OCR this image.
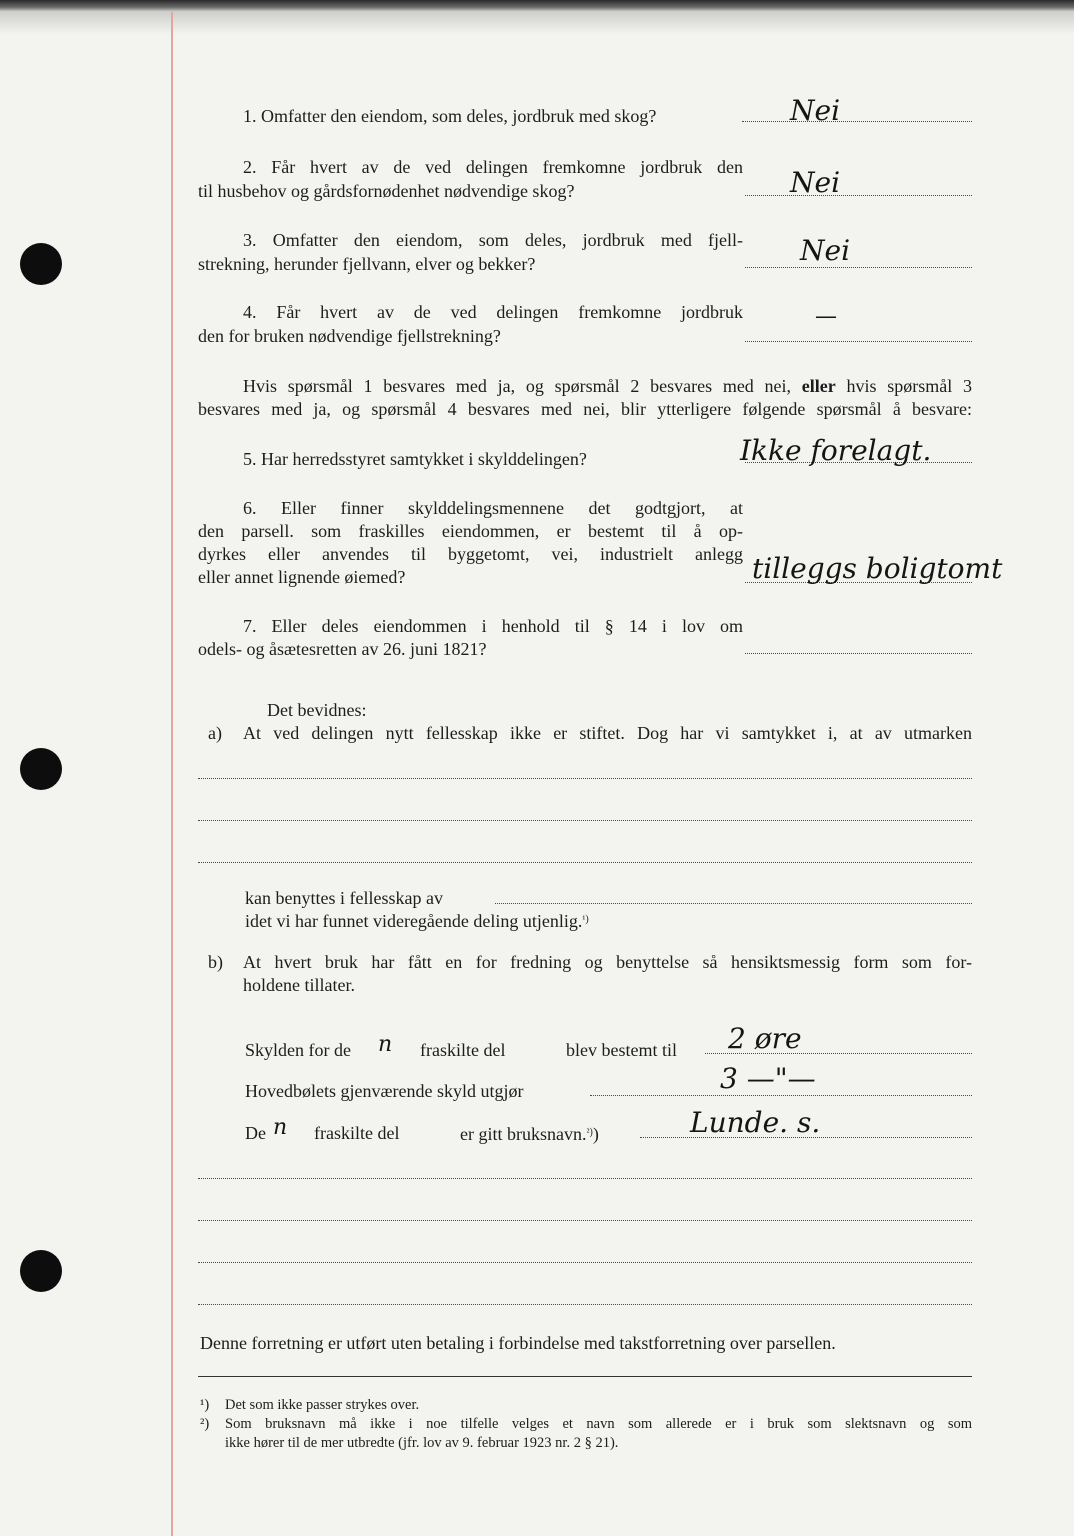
1. Omfatter den eiendom, som deles, jordbruk med skog?	Nei
2. Får hvert av de ved delingen fremkomne jordbruk den
til husbehov og gårdsfornødenhet nødvendige skog?	Nei
3. Omfatter den eiendom, som deles, jordbruk med fjell-
strekning, herunder fjellvann, elver og bekker?	Nei
4. Får hvert av de ved delingen fremkomne jordbruk
den for bruken nødvendige fjellstrekning?
—
Hvis spørsmål 1 besvares med ja, og spørsmål 2 besvares med nei, eller hvis spørsmål 3
besvares med ja, og spørsmål 4 besvares med nei, blir ytterligere følgende spørsmål å besvare:
5. Har herredsstyret samtykket i skylddelingen?	Ikke forelagt.
6. Eller finner skylddelingsmennene det godtgjort, at
den parsell. som fraskilles eiendommen, er bestemt til å op-
dyrkes eller anvendes til byggetomt, vei, industrielt anlegg
eller annet lignende øiemed?	tilleggs boligtomt
7. Eller deles eiendommen i henhold til § 14 i lov om
odels- og åsætesretten av 26. juni 1821?
Det bevidnes:
a) At ved delingen nytt fellesskap ikke er stiftet. Dog har vi samtykket i, at av utmarken
kan benyttes i fellesskap av
idet vi har funnet videregående deling utjenlig.$^{^1)}$
b) At hvert bruk har fått en for fredning og benyttelse så hensiktsmessig form som for-
holdene tillater.
Skylden for de n fraskilte del	blev bestemt til 2 øre
Hovedbølets gjenværende skyld utgjør	3 —"—
De n fraskilte del	er gitt bruksnavn.$^{^2)}$)	Lunde. s.
Denne forretning er utført uten betaling i forbindelse med takstforretning over parsellen.
¹) Det som ikke passer strykes over.
²) Som bruksnavn må ikke i noe tilfelle velges et navn som allerede er i bruk som slektsnavn og som
ikke hører til de mer utbredte (jfr. lov av 9. februar 1923 nr. 2 § 21).
